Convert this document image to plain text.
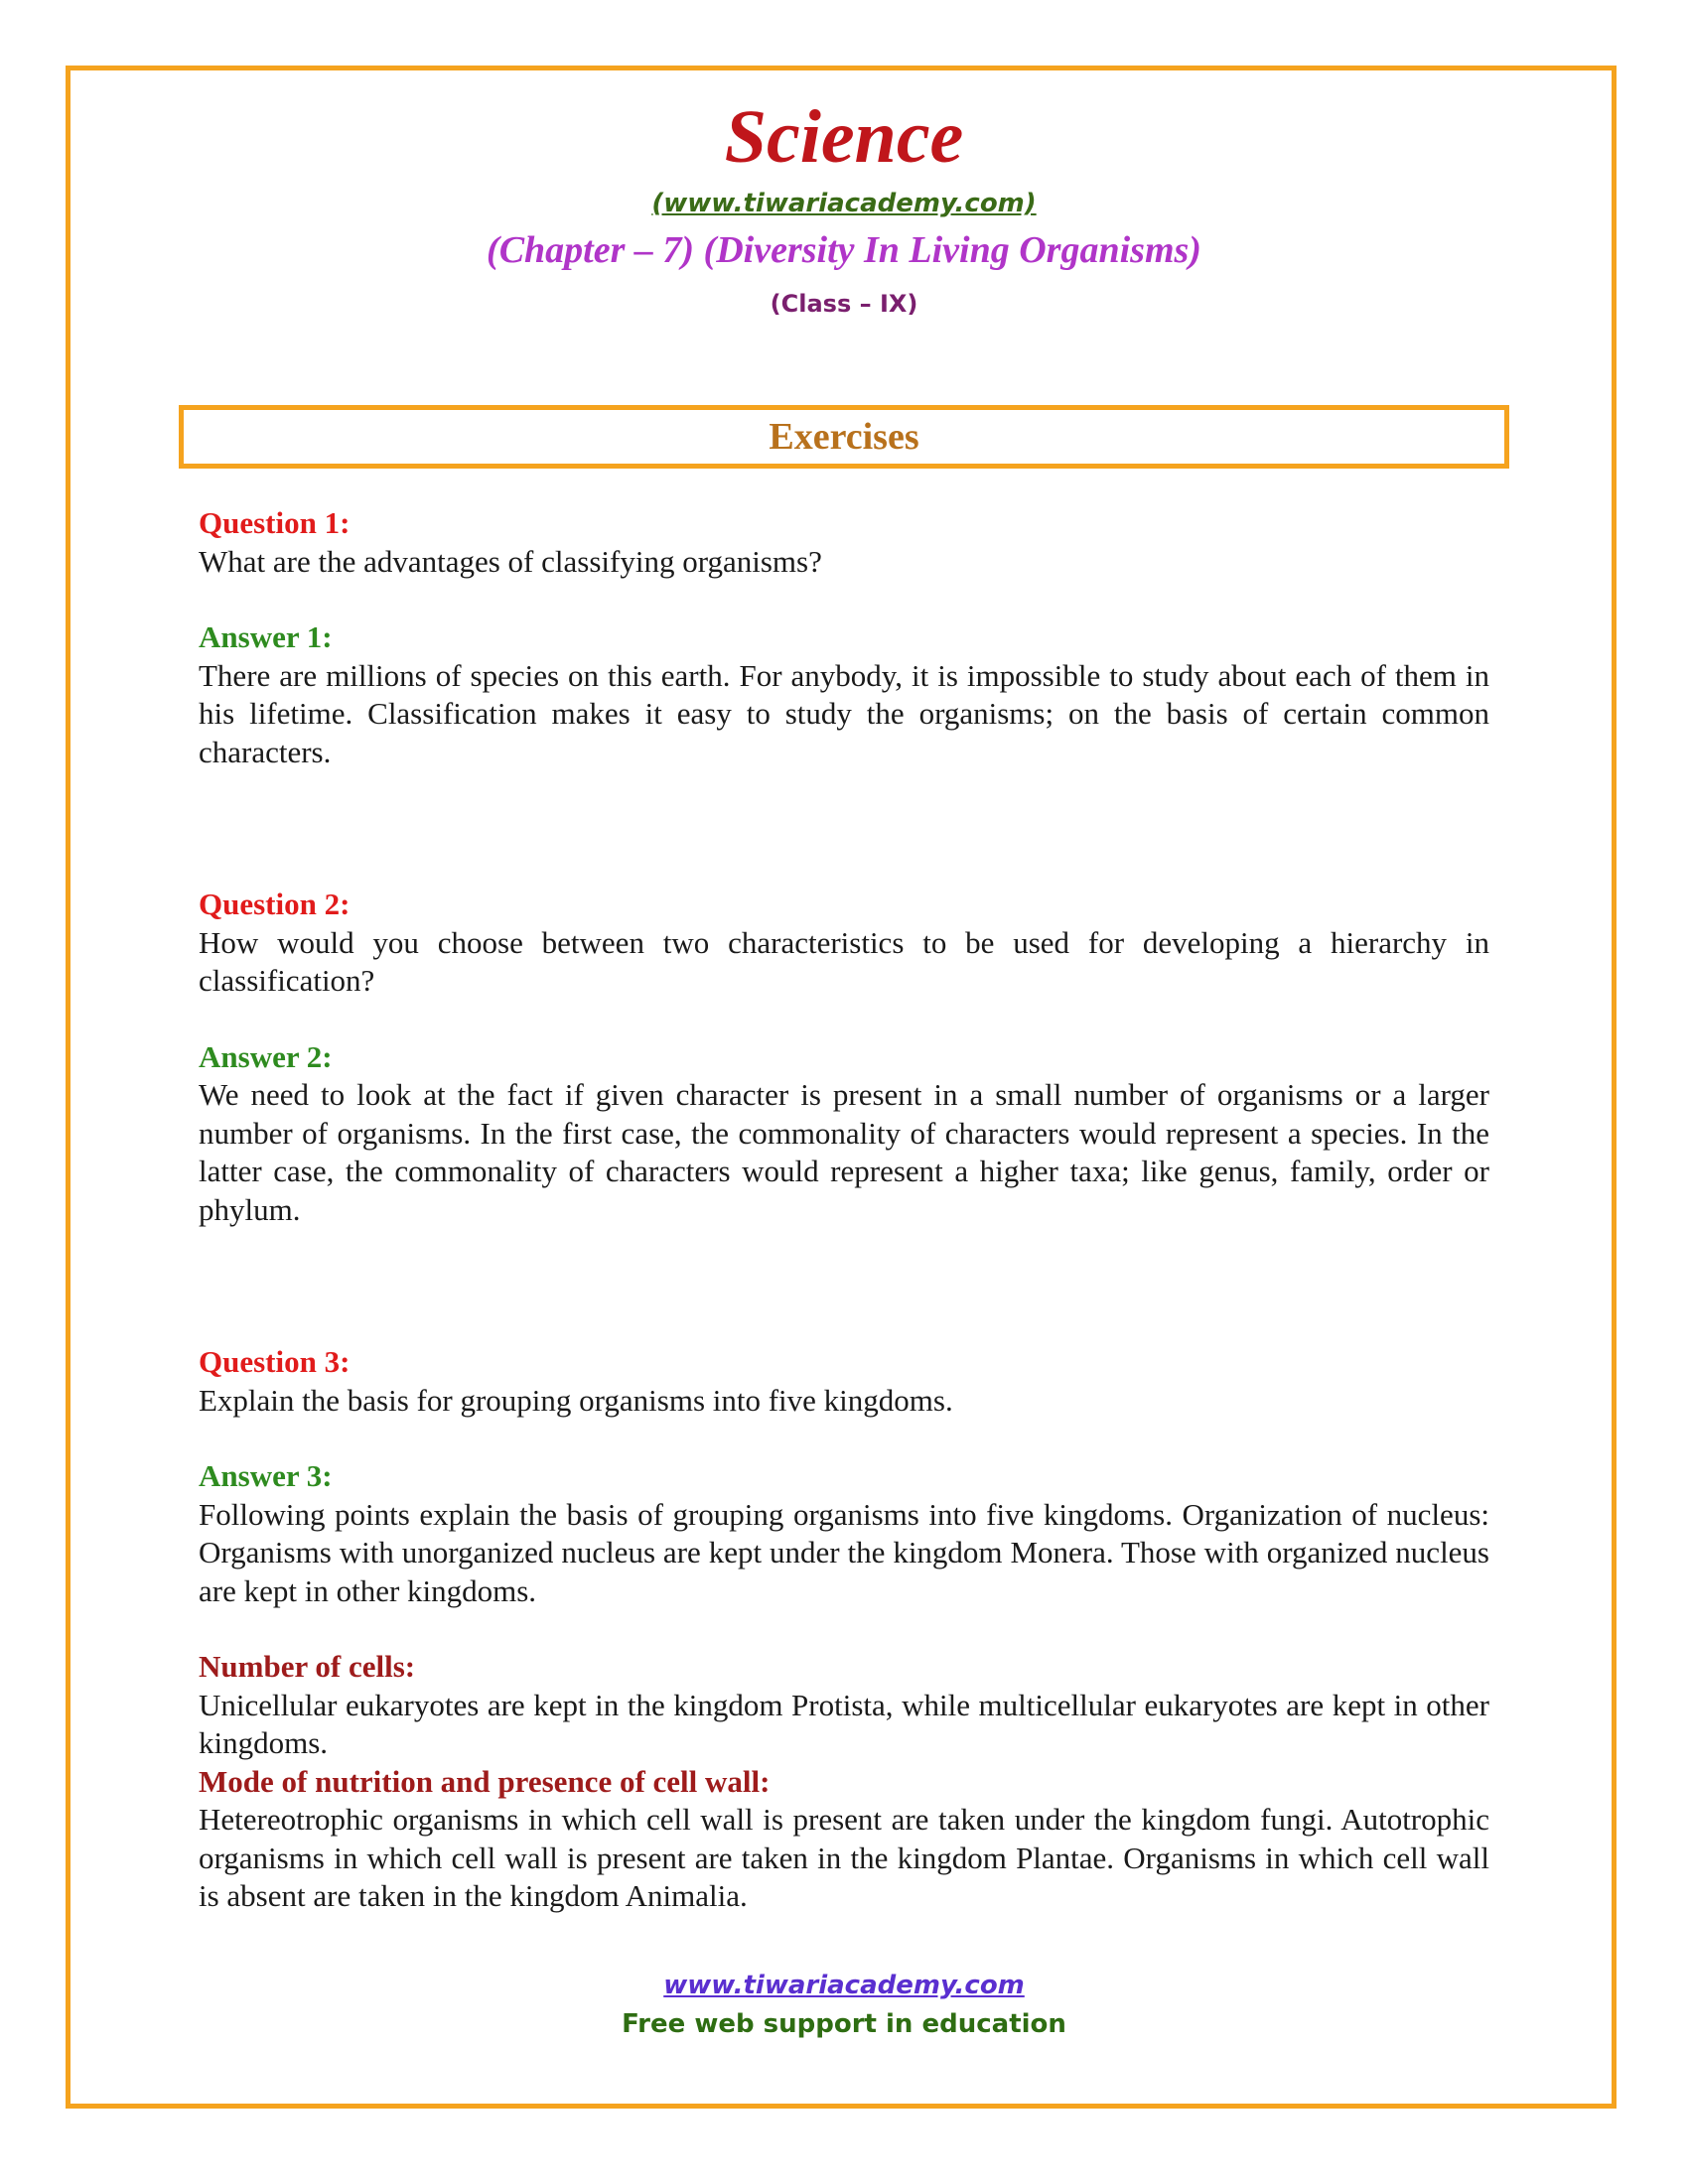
Science
(www.tiwariacademy.com)
(Chapter – 7) (Diversity In Living Organisms)
(Class – IX)
Exercises

Question 1:

What are the advantages of classifying organisms?

Answer 1:

There are millions of species on this earth. For anybody, it is impossible to study about each of them in his lifetime. Classification makes it easy to study the organisms; on the basis of certain common characters.

Question 2:

How would you choose between two characteristics to be used for developing a hierarchy in classification?

Answer 2:

We need to look at the fact if given character is present in a small number of organisms or a larger number of organisms. In the first case, the commonality of characters would represent a species. In the latter case, the commonality of characters would represent a higher taxa; like genus, family, order or phylum.

Question 3:

Explain the basis for grouping organisms into five kingdoms.

Answer 3:

Following points explain the basis of grouping organisms into five kingdoms. Organization of nucleus: Organisms with unorganized nucleus are kept under the kingdom Monera. Those with organized nucleus are kept in other kingdoms.

Number of cells:

Unicellular eukaryotes are kept in the kingdom Protista, while multicellular eukaryotes are kept in other kingdoms.

Mode of nutrition and presence of cell wall:

Hetereotrophic organisms in which cell wall is present are taken under the kingdom fungi. Autotrophic organisms in which cell wall is present are taken in the kingdom Plantae. Organisms in which cell wall is absent are taken in the kingdom Animalia.

www.tiwariacademy.com
Free web support in education
